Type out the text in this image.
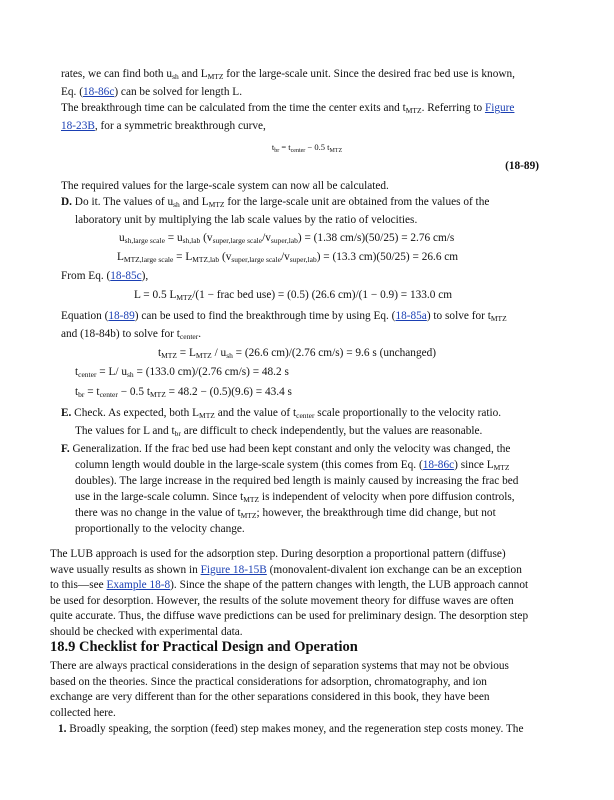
rates, we can find both $u_{sh}$ and $L_{MTZ}$ for the large-scale unit. Since the desired frac bed use is known,

Eq. (18-86c) can be solved for length L.

The breakthrough time can be calculated from the time the center exits and $t_{MTZ}$. Referring to Figure

18-23B, for a symmetric breakthrough curve,

$t_{br} = t_{center} - 0.5$ $t_{MTZ}$

(18-89)

The required values for the large-scale system can now all be calculated.

D. Do it. The values of $u_{sh}$ and $L_{MTZ}$ for the large-scale unit are obtained from the values of the

laboratory unit by multiplying the lab scale values by the ratio of velocities.

$u_{sh,large scale} = u_{sh,lab}$ $(v_{super,large scale}/v_{super,lab}) = (1.38$ cm/s)(50/25) = 2.76 cm/s
$L_{MTZ,large scale} = L_{MTZ,lab}$ $(v_{super,large scale}/v_{super,lab}) = (13.3$ cm)(50/25) = 26.6 cm
From Eq. (18-85c),
L = 0.5 $L_{MTZ}/(1$ − frac bed use) = (0.5) (26.6 cm)/(1 − 0.9) = 133.0 cm

Equation (18-89) can be used to find the breakthrough time by using Eq. (18-85a) to solve for $t_{MTZ}$

and (18-84b) to solve for $t_{center}$.

$t_{MTZ} = L_{MTZ} / u_{sh} = (26.6$ cm)/(2.76 cm/s) = 9.6 s (unchanged)
$t_{center} = L/$ $u_{sh} = (133.0$ cm)/(2.76 cm/s) = 48.2 s
$t_{br} = t_{center} - 0.5$ $t_{MTZ} = 48.2 - (0.5)(9.6) = 43.4$ s

E. Check. As expected, both $L_{MTZ}$ and the value of $t_{center}$ scale proportionally to the velocity ratio.

The values for L and $t_{br}$ are difficult to check independently, but the values are reasonable.

F. Generalization. If the frac bed use had been kept constant and only the velocity was changed, the

column length would double in the large-scale system (this comes from Eq. (18-86c) since $L_{MTZ}$

doubles). The large increase in the required bed length is mainly caused by increasing the frac bed

use in the large-scale column. Since $t_{MTZ}$ is independent of velocity when pore diffusion controls,

there was no change in the value of $t_{MTZ}$; however, the breakthrough time did change, but not

proportionally to the velocity change.

The LUB approach is used for the adsorption step. During desorption a proportional pattern (diffuse)

wave usually results as shown in Figure 18-15B (monovalent-divalent ion exchange can be an exception

to this—see Example 18-8). Since the shape of the pattern changes with length, the LUB approach cannot

be used for desorption. However, the results of the solute movement theory for diffuse waves are often

quite accurate. Thus, the diffuse wave predictions can be used for preliminary design. The desorption step

should be checked with experimental data.

18.9 Checklist for Practical Design and Operation

There are always practical considerations in the design of separation systems that may not be obvious

based on the theories. Since the practical considerations for adsorption, chromatography, and ion

exchange are very different than for the other separations considered in this book, they have been

collected here.

1. Broadly speaking, the sorption (feed) step makes money, and the regeneration step costs money. The
